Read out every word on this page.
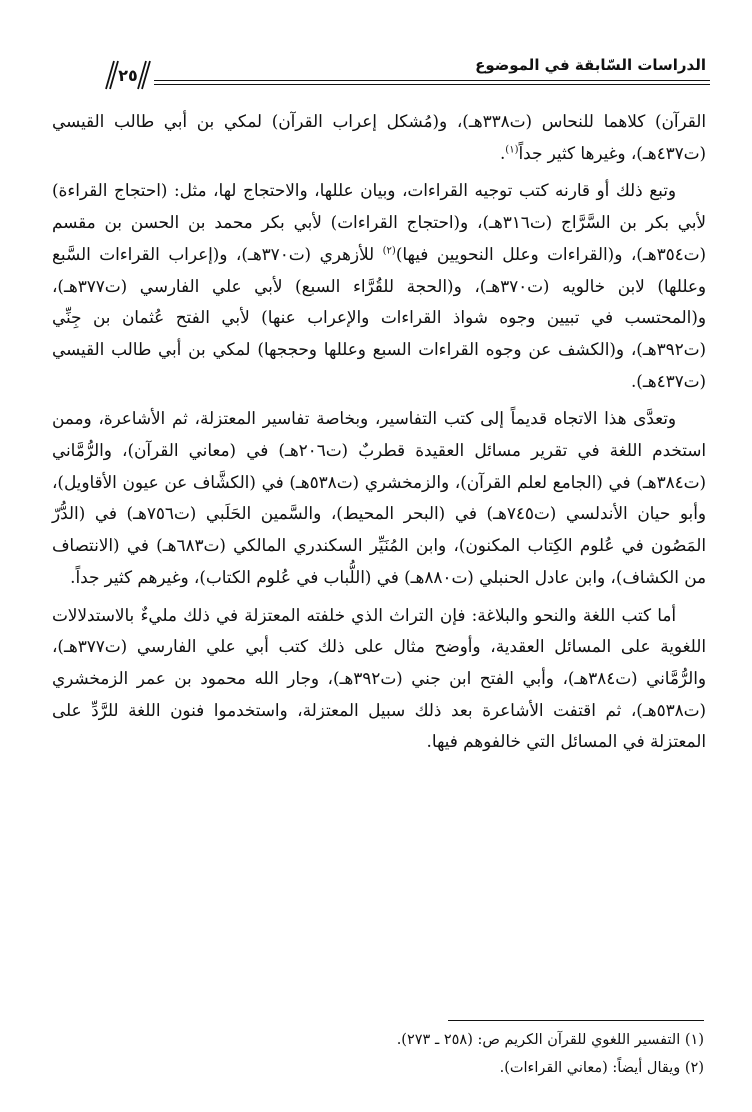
الدراسات السّابقة في الموضوع
٢٥

القرآن) كلاهما للنحاس (ت٣٣٨هـ)، و(مُشكل إعراب القرآن) لمكي بن أبي طالب القيسي (ت٤٣٧هـ)، وغيرها كثير جداً$^{(١)}$.

وتبع ذلك أو قارنه كتب توجيه القراءات، وبيان عللها، والاحتجاج لها، مثل: (احتجاج القراءة) لأبي بكر بن السَّرَّاج (ت٣١٦هـ)، و(احتجاج القراءات) لأبي بكر محمد بن الحسن بن مقسم (ت٣٥٤هـ)، و(القراءات وعلل النحويين فيها)$^{(٢)}$ للأزهري (ت٣٧٠هـ)، و(إعراب القراءات السَّبع وعللها) لابن خالويه (ت٣٧٠هـ)، و(الحجة للقُرَّاء السبع) لأبي علي الفارسي (ت٣٧٧هـ)، و(المحتسب في تبيين وجوه شواذ القراءات والإعراب عنها) لأبي الفتح عُثمان بن جِنِّي (ت٣٩٢هـ)، و(الكشف عن وجوه القراءات السبع وعللها وحججها) لمكي بن أبي طالب القيسي (ت٤٣٧هـ).

وتعدَّى هذا الاتجاه قديماً إلى كتب التفاسير، وبخاصة تفاسير المعتزلة، ثم الأشاعرة، وممن استخدم اللغة في تقرير مسائل العقيدة قطربٌ (ت٢٠٦هـ) في (معاني القرآن)، والرُّمَّاني (ت٣٨٤هـ) في (الجامع لعلم القرآن)، والزمخشري (ت٥٣٨هـ) في (الكشَّاف عن عيون الأقاويل)، وأبو حيان الأندلسي (ت٧٤٥هـ) في (البحر المحيط)، والسَّمين الحَلَبي (ت٧٥٦هـ) في (الدُّرّ المَصُون في عُلوم الكِتاب المكنون)، وابن المُنَيِّر السكندري المالكي (ت٦٨٣هـ) في (الانتصاف من الكشاف)، وابن عادل الحنبلي (ت٨٨٠هـ) في (اللُّباب في عُلوم الكتاب)، وغيرهم كثير جداً.

أما كتب اللغة والنحو والبلاغة: فإن التراث الذي خلفته المعتزلة في ذلك مليءٌ بالاستدلالات اللغوية على المسائل العقدية، وأوضح مثال على ذلك كتب أبي علي الفارسي (ت٣٧٧هـ)، والرُّمَّاني (ت٣٨٤هـ)، وأبي الفتح ابن جني (ت٣٩٢هـ)، وجار الله محمود بن عمر الزمخشري (ت٥٣٨هـ)، ثم اقتفت الأشاعرة بعد ذلك سبيل المعتزلة، واستخدموا فنون اللغة للرَّدِّ على المعتزلة في المسائل التي خالفوهم فيها.

(١) التفسير اللغوي للقرآن الكريم ص: (٢٥٨ ـ ٢٧٣).

(٢) ويقال أيضاً: (معاني القراءات).
